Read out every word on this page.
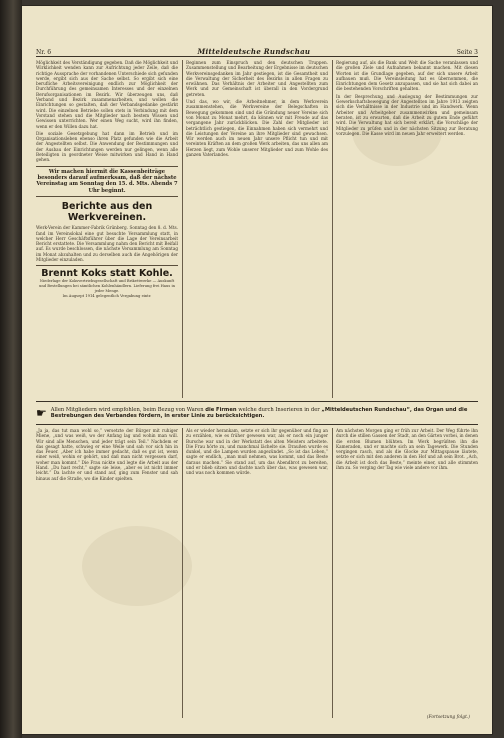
Nr. 6	Mitteldeutsche Rundschau	Seite 3

Möglichkeit des Verständigung gegeben. Daß die Möglichkeit und Wirklichkeit wenden kann zur Aufrichtung jeder Zeile, daß die richtige Aussprache der vorhandenen Unterschiede sich gefunden werde, ergibt sich aus der Sache selbst. So ergibt sich eine berufliche Arbeitsvereinigung endlich zur Möglichkeit der Durchführung des gemeinsamen Interesses und der einzelnen Berufsorganisationen im Bezirk. Wir überzeugen uns, daß Verband und Bezirk zusammenarbeiten, und wollen die Einrichtungen so gestalten, daß der Verbandsgedanke gestärkt wird. Die einzelnen Betriebe sollen stets in Verbindung mit dem Vorstand stehen und die Mitglieder nach bestem Wissen und Gewissen unterrichten. Wer einen Weg sucht, wird ihn finden, wenn er den Willen dazu hat.

Die soziale Gesetzgebung hat dann im Betrieb und im Organisationsleben ebenso ihren Platz gefunden wie die Arbeit der Angestellten selbst. Die Anwendung der Bestimmungen und der Ausbau der Einrichtungen werden nur gelingen, wenn alle Beteiligten in geordneter Weise mitwirken und Hand in Hand gehen.

Wir machen hiermit die Kassenbeiträge besonders darauf aufmerksam, daß der nächste Vereinstag am Sonntag den 15. d. Mts. Abends 7 Uhr beginnt.
Berichte aus den Werkvereinen.

Werk-Verein der Kammer-Fabrik Grünberg. Sonntag den 8. d. Mts. fand im Vereinslokal eine gut besuchte Versammlung statt, in welcher Herr Geschäftsführer über die Lage der Vereinsarbeit Bericht erstattete. Die Versammlung nahm den Bericht mit Beifall auf. Es wurde beschlossen, die nächste Versammlung am Sonntag im Monat abzuhalten und zu derselben auch die Angehörigen der Mitglieder einzuladen.

Brennt Koks statt Kohle.
Niederlage der Koksvertriebsgesellschaft und Brikettwerke — Auskunft und Bestellungen bei sämtlichen Kohlenhändlern. Lieferung frei Haus in jeder Menge.
Im Augsept 1914 gelegentlich Vergabung eintr.

Beginnen zum Einspruch und den deutschen Truppen. Zusammenstellung und Bearbeitung der Ergebnisse im deutschen Werkvereinsgedanken im Jahr gestiegen, ist die Gesamtheit und die Verwaltung der Sicherheit des Bezirks in allen Fragen zu erwähnen. Das Verhältnis der Arbeiter und Angestellten zum Werk und zur Gemeinschaft ist überall in den Vordergrund getreten.

Und das, wo wir, die Arbeitnehmer, in dem Werkverein zusammenstehen, die Werkvereine der Belegschaften in Bewegung gekommen sind und die Gründung neuer Vereine sich von Monat zu Monat mehrt, da können wir mit Freude auf das vergangene Jahr zurückblicken. Die Zahl der Mitglieder ist beträchtlich gestiegen, die Einnahmen haben sich vermehrt und die Leistungen der Vereine an ihre Mitglieder sind gewachsen. Wir werden auch im neuen Jahr unsere Pflicht tun und mit vereinten Kräften an dem großen Werk arbeiten, das uns allen am Herzen liegt, zum Wohle unserer Mitglieder und zum Wohle des ganzen Vaterlandes.

Regierung auf, als die Bank und Welt die Sache veranlassen und die großen Ziele und Aufnahmen bekannt machen. Mit diesen Worten ist die Grundlage gegeben, auf der sich unsere Arbeit aufbauen muß. Die Vereinsleitung hat es übernommen, die Einrichtungen dem Gesetz anzupassen, und sie hat sich dabei an die bestehenden Vorschriften gehalten.

In der Besprechung und Auslegung der Bestimmungen zur Gewerkschaftsbewegung der Angestellten im Jahre 1913 zeigten sich die Verhältnisse in der Industrie und im Handwerk. Wenn Arbeiter und Arbeitgeber zusammenwirken und gemeinsam beraten, ist zu erwarten, daß die Arbeit zu gutem Ende geführt wird. Die Verwaltung hat sich bereit erklärt, die Vorschläge der Mitglieder zu prüfen und in der nächsten Sitzung zur Beratung vorzulegen. Die Kasse wird im neuen Jahr erweitert werden.

☛ Allen Mitgliedern wird empfohlen, beim Bezug von Waren die Firmen welche durch Inserieren in der „Mitteldeutschen Rundschau“, das Organ und die Bestrebungen des Verbandes fördern, in erster Linie zu berücksichtigen.

„Ja ja, das tut man wohl so,“ versetzte der Bürger mit ruhiger Miene, „und was weiß, wo der Anfang lag und wohin man will. Wir sind alle Menschen, und jeder trägt sein Teil.“ Nachdem er das gesagt hatte, schwieg er eine Weile und sah vor sich hin in das Feuer. „Aber ich habe immer gedacht, daß es gut ist, wenn einer weiß, wohin er gehört, und daß man nicht vergessen darf, woher man kommt.“ Die Frau nickte und legte die Arbeit aus der Hand. „Du hast recht,“ sagte sie leise, „aber es ist nicht immer leicht.“ Da lachte er und stand auf, ging zum Fenster und sah hinaus auf die Straße, wo die Kinder spielten.

Als er wieder herankam, setzte er sich ihr gegenüber und fing an zu erzählen, wie es früher gewesen war, als er noch ein junger Bursche war und in der Werkstatt des alten Meisters arbeitete. Die Frau hörte zu, und manchmal lächelte sie. Draußen wurde es dunkel, und die Lampen wurden angezündet. „So ist das Leben,“ sagte er endlich, „man muß nehmen, was kommt, und das Beste daraus machen.“ Sie stand auf, um das Abendbrot zu bereiten, und er blieb sitzen und dachte nach über das, was gewesen war, und was noch kommen würde.

Am nächsten Morgen ging er früh zur Arbeit. Der Weg führte ihn durch die stillen Gassen der Stadt, an den Gärten vorbei, in denen die ersten Blumen blühten. Im Werk begrüßten ihn die Kameraden, und er machte sich an sein Tagewerk. Die Stunden vergingen rasch, und als die Glocke zur Mittagspause läutete, setzte er sich mit den anderen in den Hof und aß sein Brot. „Ach, die Arbeit ist doch das Beste,“ meinte einer, und alle stimmten ihm zu. So verging der Tag wie viele andere vor ihm.

(Fortsetzung folgt.)
